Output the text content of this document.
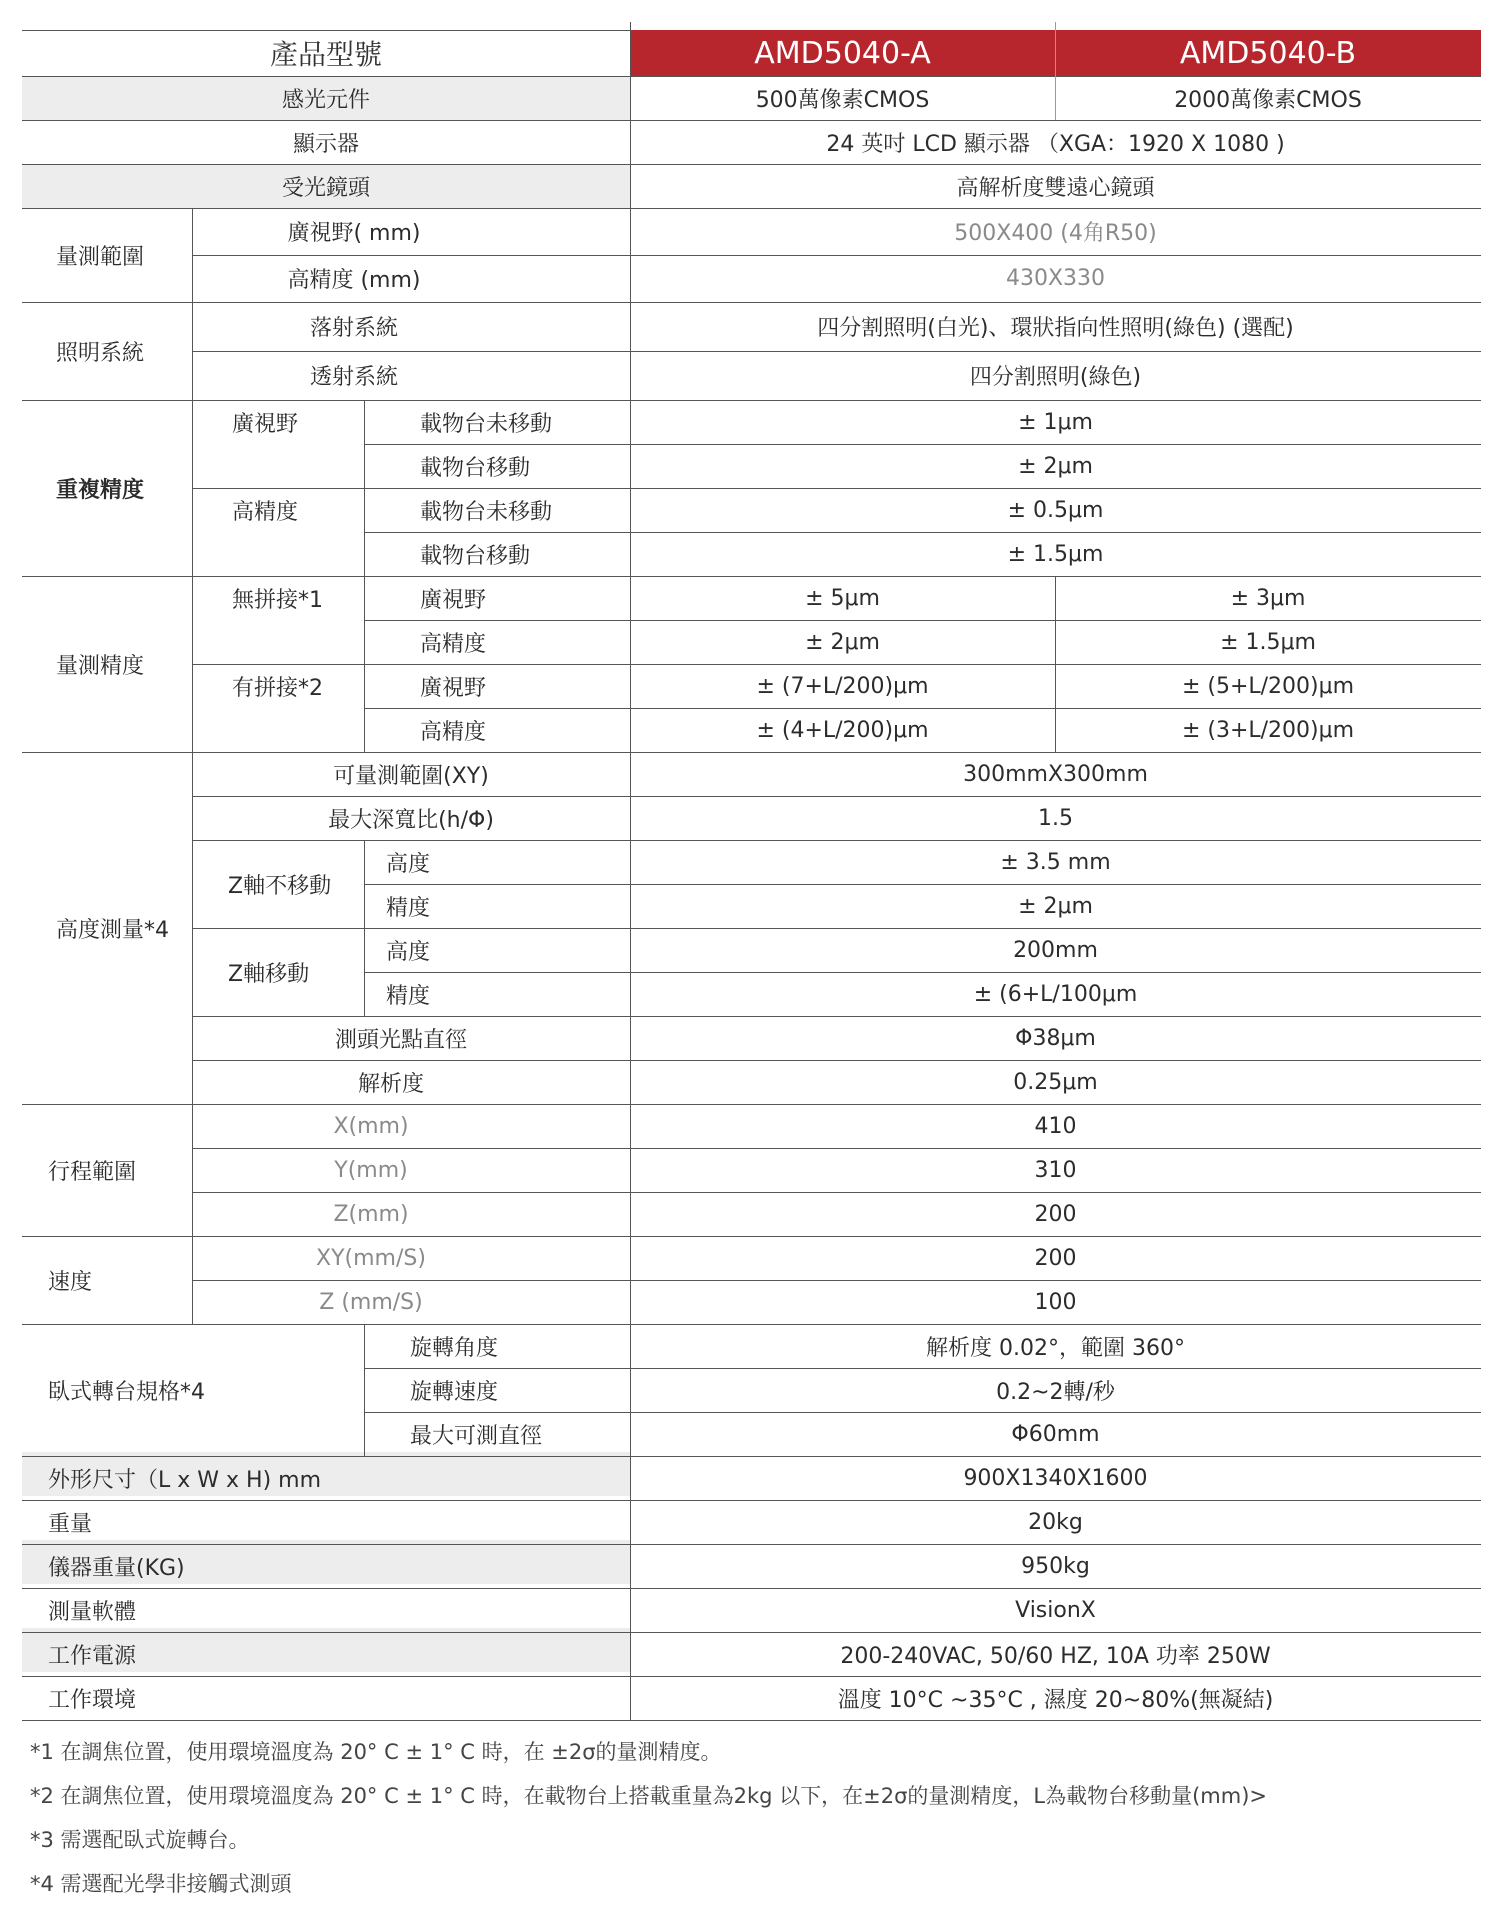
產品型號	AMD5040-A	AMD5040-B
感光元件	500萬像素CMOS	2000萬像素CMOS
顯示器	24 英吋 LCD 顯示器 （XGA：1920 X 1080 )
受光鏡頭	高解析度雙遠心鏡頭
量測範圍
廣視野( mm)	500X400 (4角R50)
高精度 (mm)	430X330
照明系統
落射系統	四分割照明(白光)、環狀指向性照明(綠色) (選配)
透射系統	四分割照明(綠色)
重複精度
廣視野	載物台未移動	± 1μm
載物台移動	± 2μm
高精度	載物台未移動	± 0.5μm
載物台移動	± 1.5μm
量測精度
無拼接*1	廣視野	± 5μm	± 3μm
高精度	± 2μm	± 1.5μm
有拼接*2	廣視野	± (7+L/200)μm	± (5+L/200)μm
高精度	± (4+L/200)μm	± (3+L/200)μm
高度測量*4
可量測範圍(XY)	300mmX300mm
最大深寬比(h/Φ)	1.5
Z軸不移動
高度	± 3.5 mm
精度	± 2μm
Z軸移動
高度	200mm
精度	± (6+L/100μm
測頭光點直徑	Φ38μm
解析度	0.25μm
行程範圍
X(mm)	410
Y(mm)	310
Z(mm)	200
速度
XY(mm/S)	200
Z (mm/S)	100
臥式轉台規格*4
旋轉角度	解析度 0.02°，範圍 360°
旋轉速度	0.2~2轉/秒
最大可測直徑	Φ60mm
外形尺寸（L x W x H) mm	900X1340X1600
重量	20kg
儀器重量(KG)	950kg
測量軟體	VisionX
工作電源	200-240VAC, 50/60 HZ, 10A 功率 250W
工作環境	溫度 10°C ~35°C , 濕度 20~80%(無凝結)
*1 在調焦位置，使用環境溫度為 20° C ± 1° C 時，在 ±2σ的量測精度。
*2 在調焦位置，使用環境溫度為 20° C ± 1° C 時，在載物台上搭載重量為2kg 以下，在±2σ的量測精度，L為載物台移動量(mm)>
*3 需選配臥式旋轉台。
*4 需選配光學非接觸式測頭
